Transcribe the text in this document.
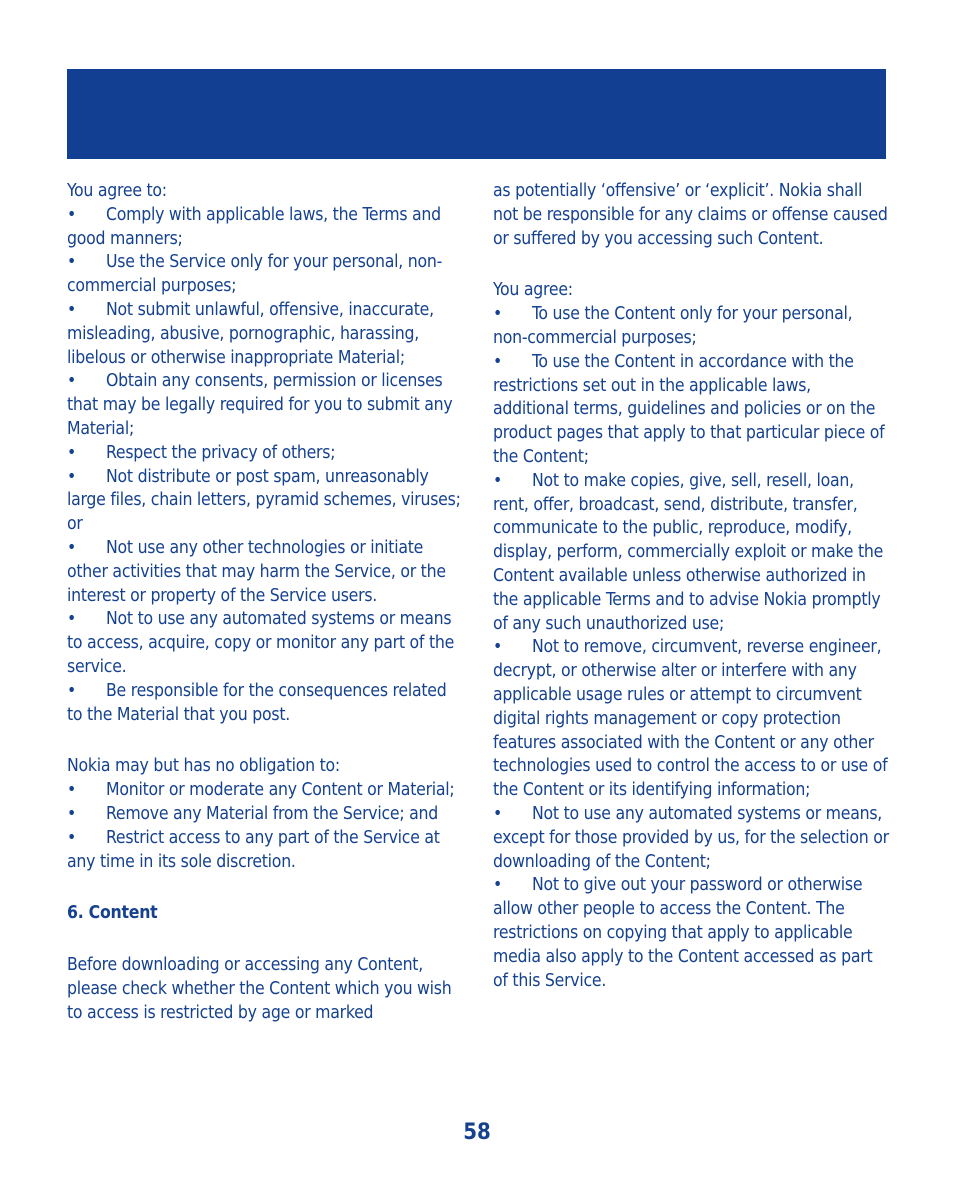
You agree to:

• Comply with applicable laws, the Terms and good manners;

• Use the Service only for your personal, non-commercial purposes;

• Not submit unlawful, offensive, inaccurate, misleading, abusive, pornographic, harassing, libelous or otherwise inappropriate Material;

• Obtain any consents, permission or licenses that may be legally required for you to submit any Material;

• Respect the privacy of others;

• Not distribute or post spam, unreasonably large files, chain letters, pyramid schemes, viruses; or

• Not use any other technologies or initiate other activities that may harm the Service, or the interest or property of the Service users.

• Not to use any automated systems or means to access, acquire, copy or monitor any part of the service.

• Be responsible for the consequences related to the Material that you post.

Nokia may but has no obligation to:

• Monitor or moderate any Content or Material;

• Remove any Material from the Service; and

• Restrict access to any part of the Service at any time in its sole discretion.

6. Content

Before downloading or accessing any Content, please check whether the Content which you wish to access is restricted by age or marked

as potentially ‘offensive’ or ‘explicit’. Nokia shall not be responsible for any claims or offense caused or suffered by you accessing such Content.

You agree:

• To use the Content only for your personal, non-commercial purposes;

• To use the Content in accordance with the restrictions set out in the applicable laws, additional terms, guidelines and policies or on the product pages that apply to that particular piece of the Content;

• Not to make copies, give, sell, resell, loan, rent, offer, broadcast, send, distribute, transfer, communicate to the public, reproduce, modify, display, perform, commercially exploit or make the Content available unless otherwise authorized in the applicable Terms and to advise Nokia promptly of any such unauthorized use;

• Not to remove, circumvent, reverse engineer, decrypt, or otherwise alter or interfere with any applicable usage rules or attempt to circumvent digital rights management or copy protection features associated with the Content or any other technologies used to control the access to or use of the Content or its identifying information;

• Not to use any automated systems or means, except for those provided by us, for the selection or downloading of the Content;

• Not to give out your password or otherwise allow other people to access the Content. The restrictions on copying that apply to applicable media also apply to the Content accessed as part of this Service.

58
